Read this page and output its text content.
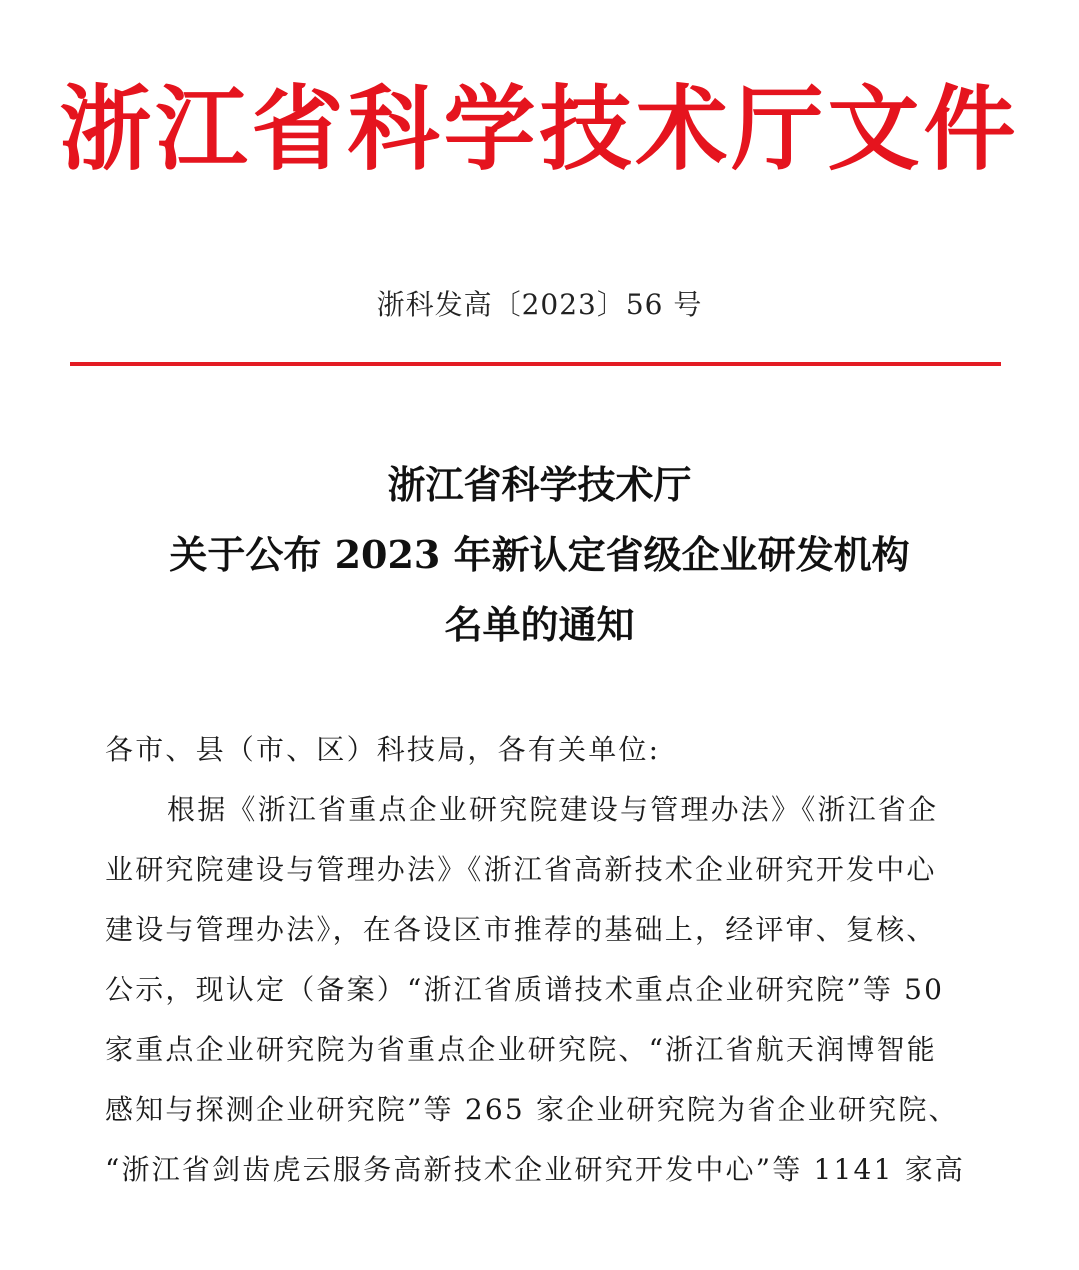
浙江省科学技术厅文件
浙科发高〔2023〕56 号
浙江省科学技术厅
关于公布 2023 年新认定省级企业研发机构
名单的通知
各市、县（市、区）科技局，各有关单位:
根据《浙江省重点企业研究院建设与管理办法》《浙江省企
业研究院建设与管理办法》《浙江省高新技术企业研究开发中心
建设与管理办法》，在各设区市推荐的基础上，经评审、复核、
公示，现认定（备案）“浙江省质谱技术重点企业研究院”等 50
家重点企业研究院为省重点企业研究院、“浙江省航天润博智能
感知与探测企业研究院”等 265 家企业研究院为省企业研究院、
“浙江省剑齿虎云服务高新技术企业研究开发中心”等 1141 家高
